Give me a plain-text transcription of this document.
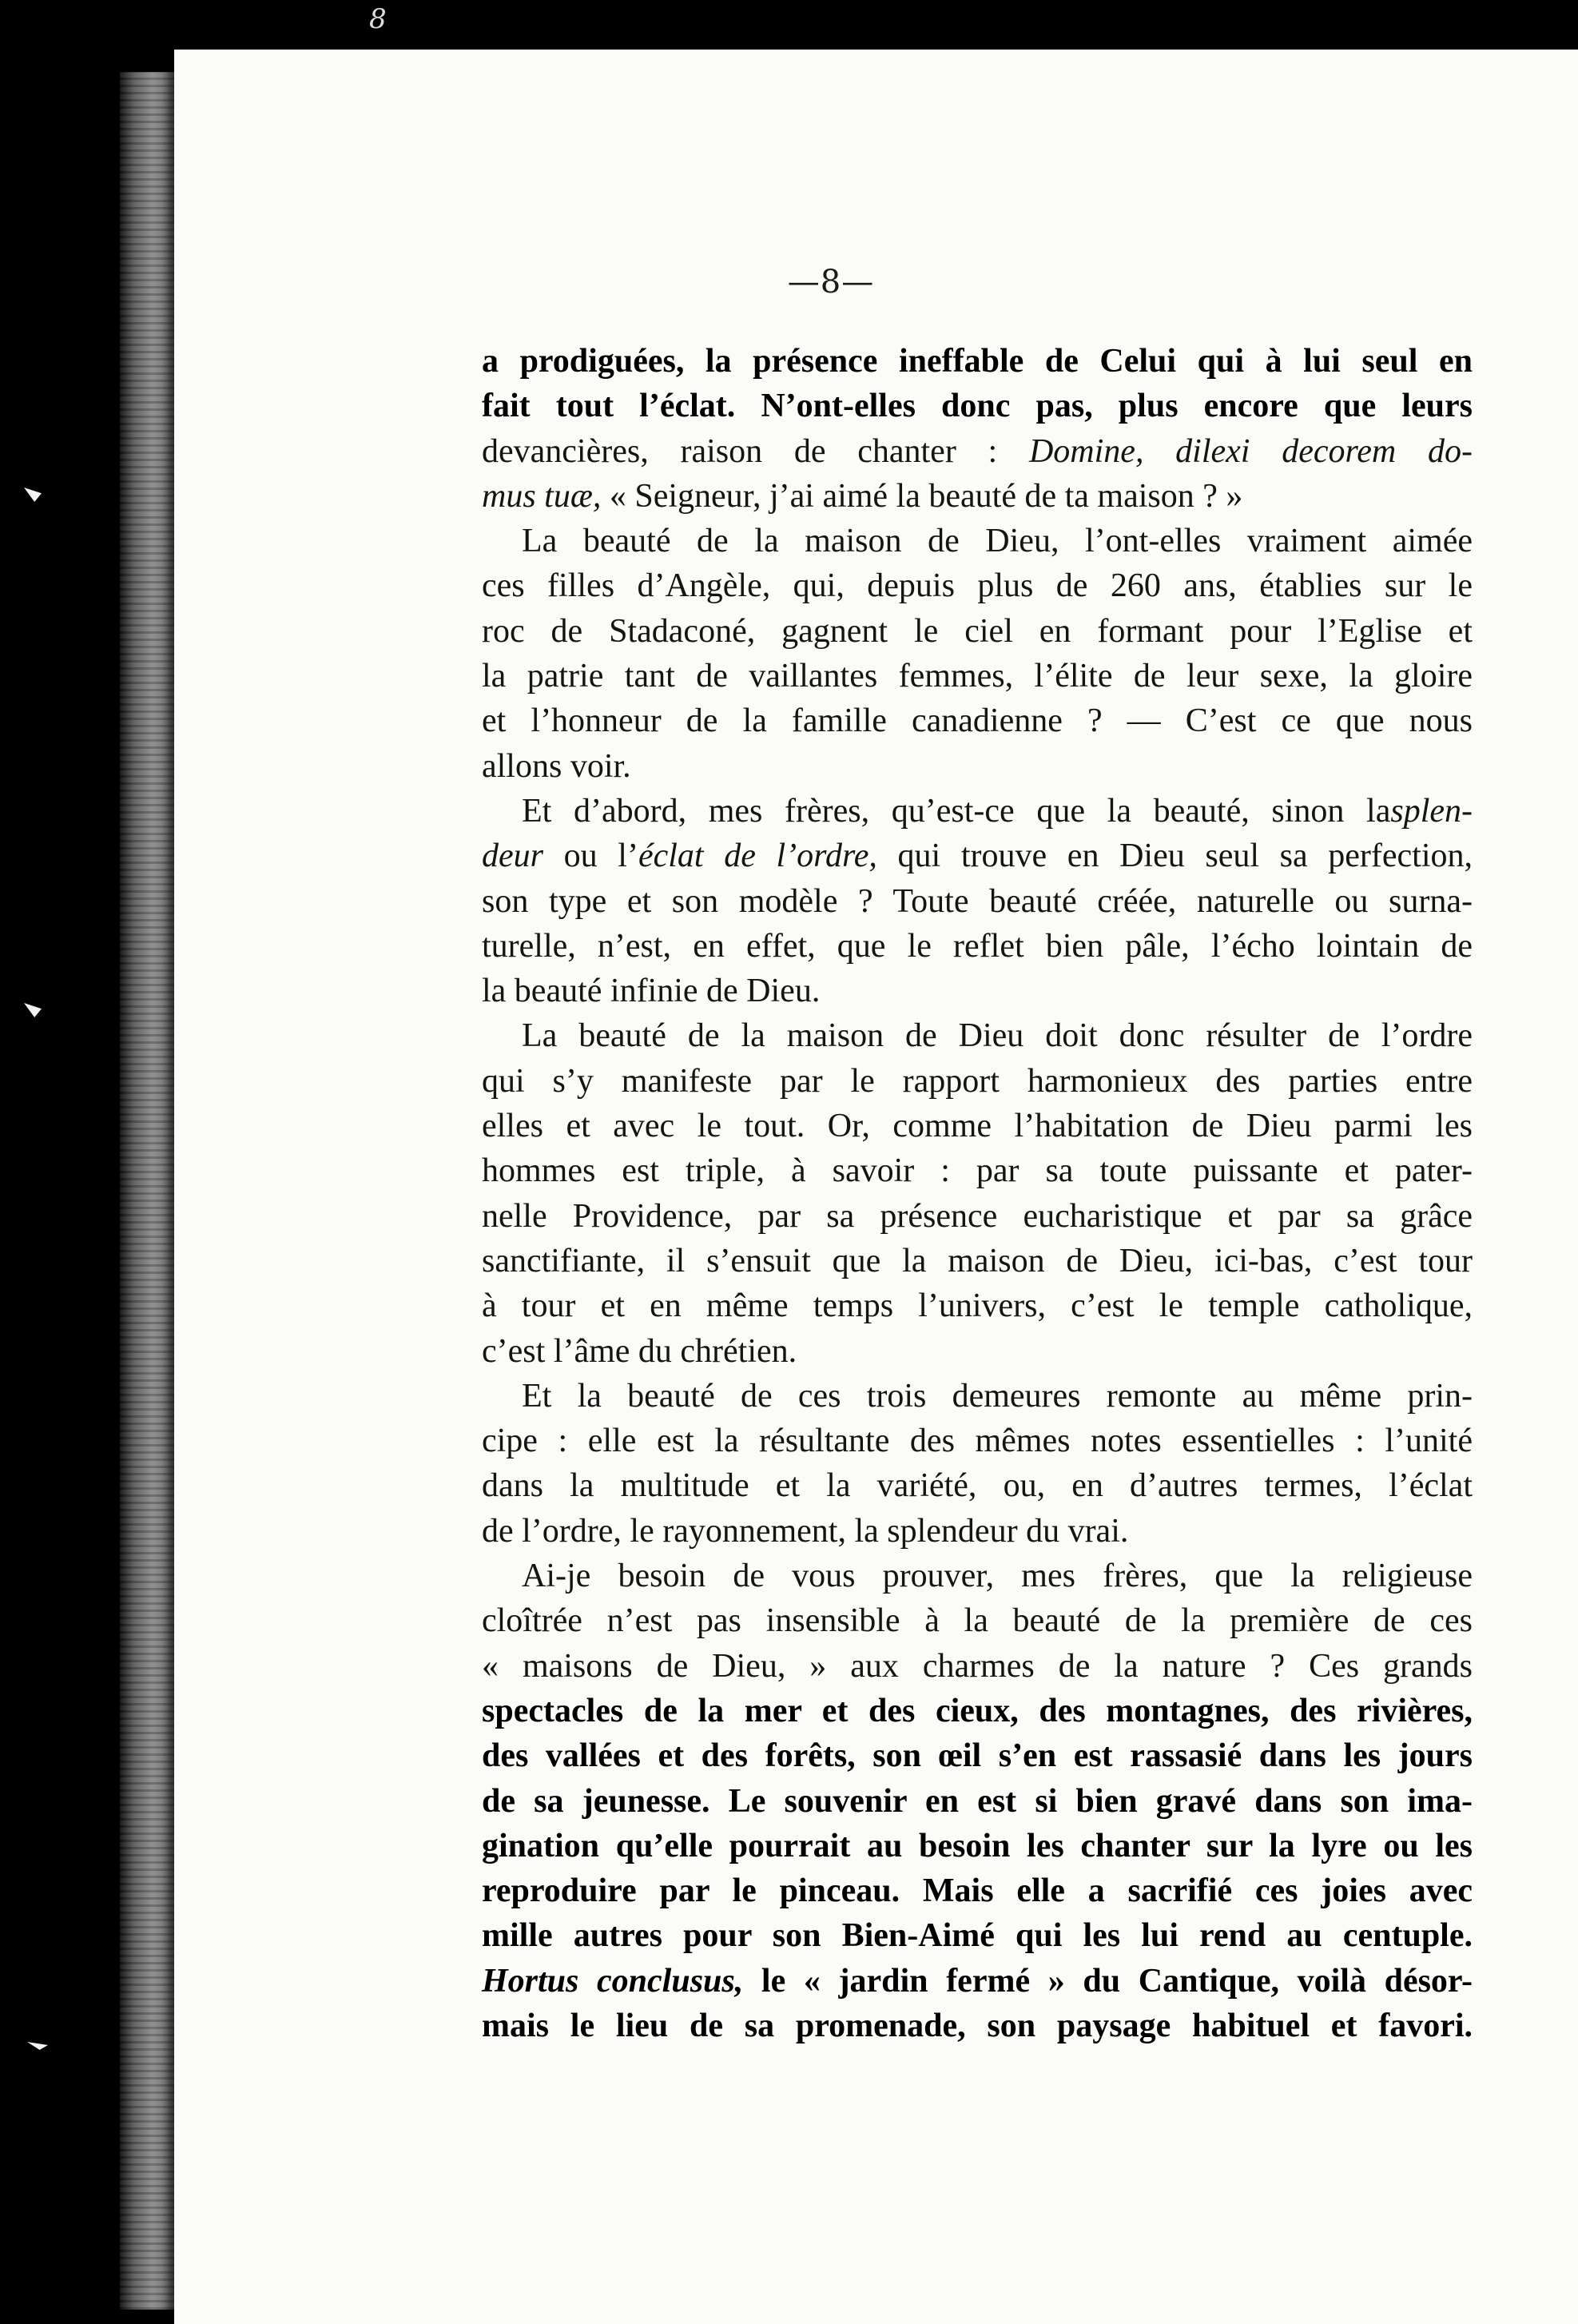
8
—8—
a prodiguées, la présence ineffable de Celui qui à lui seul en
fait tout l’éclat. N’ont-elles donc pas, plus encore que leurs
devancières, raison de chanter : Domine, dilexi decorem do-
mus tuæ, « Seigneur, j’ai aimé la beauté de ta maison ? »
La beauté de la maison de Dieu, l’ont-elles vraiment aimée
ces filles d’Angèle, qui, depuis plus de 260 ans, établies sur le
roc de Stadaconé, gagnent le ciel en formant pour l’Eglise et
la patrie tant de vaillantes femmes, l’élite de leur sexe, la gloire
et l’honneur de la famille canadienne ? — C’est ce que nous
allons voir.
Et d’abord, mes frères, qu’est-ce que la beauté, sinon lasplen-
deur ou l’éclat de l’ordre, qui trouve en Dieu seul sa perfection,
son type et son modèle ? Toute beauté créée, naturelle ou surna-
turelle, n’est, en effet, que le reflet bien pâle, l’écho lointain de
la beauté infinie de Dieu.
La beauté de la maison de Dieu doit donc résulter de l’ordre
qui s’y manifeste par le rapport harmonieux des parties entre
elles et avec le tout. Or, comme l’habitation de Dieu parmi les
hommes est triple, à savoir : par sa toute puissante et pater-
nelle Providence, par sa présence eucharistique et par sa grâce
sanctifiante, il s’ensuit que la maison de Dieu, ici-bas, c’est tour
à tour et en même temps l’univers, c’est le temple catholique,
c’est l’âme du chrétien.
Et la beauté de ces trois demeures remonte au même prin-
cipe : elle est la résultante des mêmes notes essentielles : l’unité
dans la multitude et la variété, ou, en d’autres termes, l’éclat
de l’ordre, le rayonnement, la splendeur du vrai.
Ai-je besoin de vous prouver, mes frères, que la religieuse
cloîtrée n’est pas insensible à la beauté de la première de ces
« maisons de Dieu, » aux charmes de la nature ? Ces grands
spectacles de la mer et des cieux, des montagnes, des rivières,
des vallées et des forêts, son œil s’en est rassasié dans les jours
de sa jeunesse. Le souvenir en est si bien gravé dans son ima-
gination qu’elle pourrait au besoin les chanter sur la lyre ou les
reproduire par le pinceau. Mais elle a sacrifié ces joies avec
mille autres pour son Bien-Aimé qui les lui rend au centuple.
Hortus conclusus, le « jardin fermé » du Cantique, voilà désor-
mais le lieu de sa promenade, son paysage habituel et favori.
